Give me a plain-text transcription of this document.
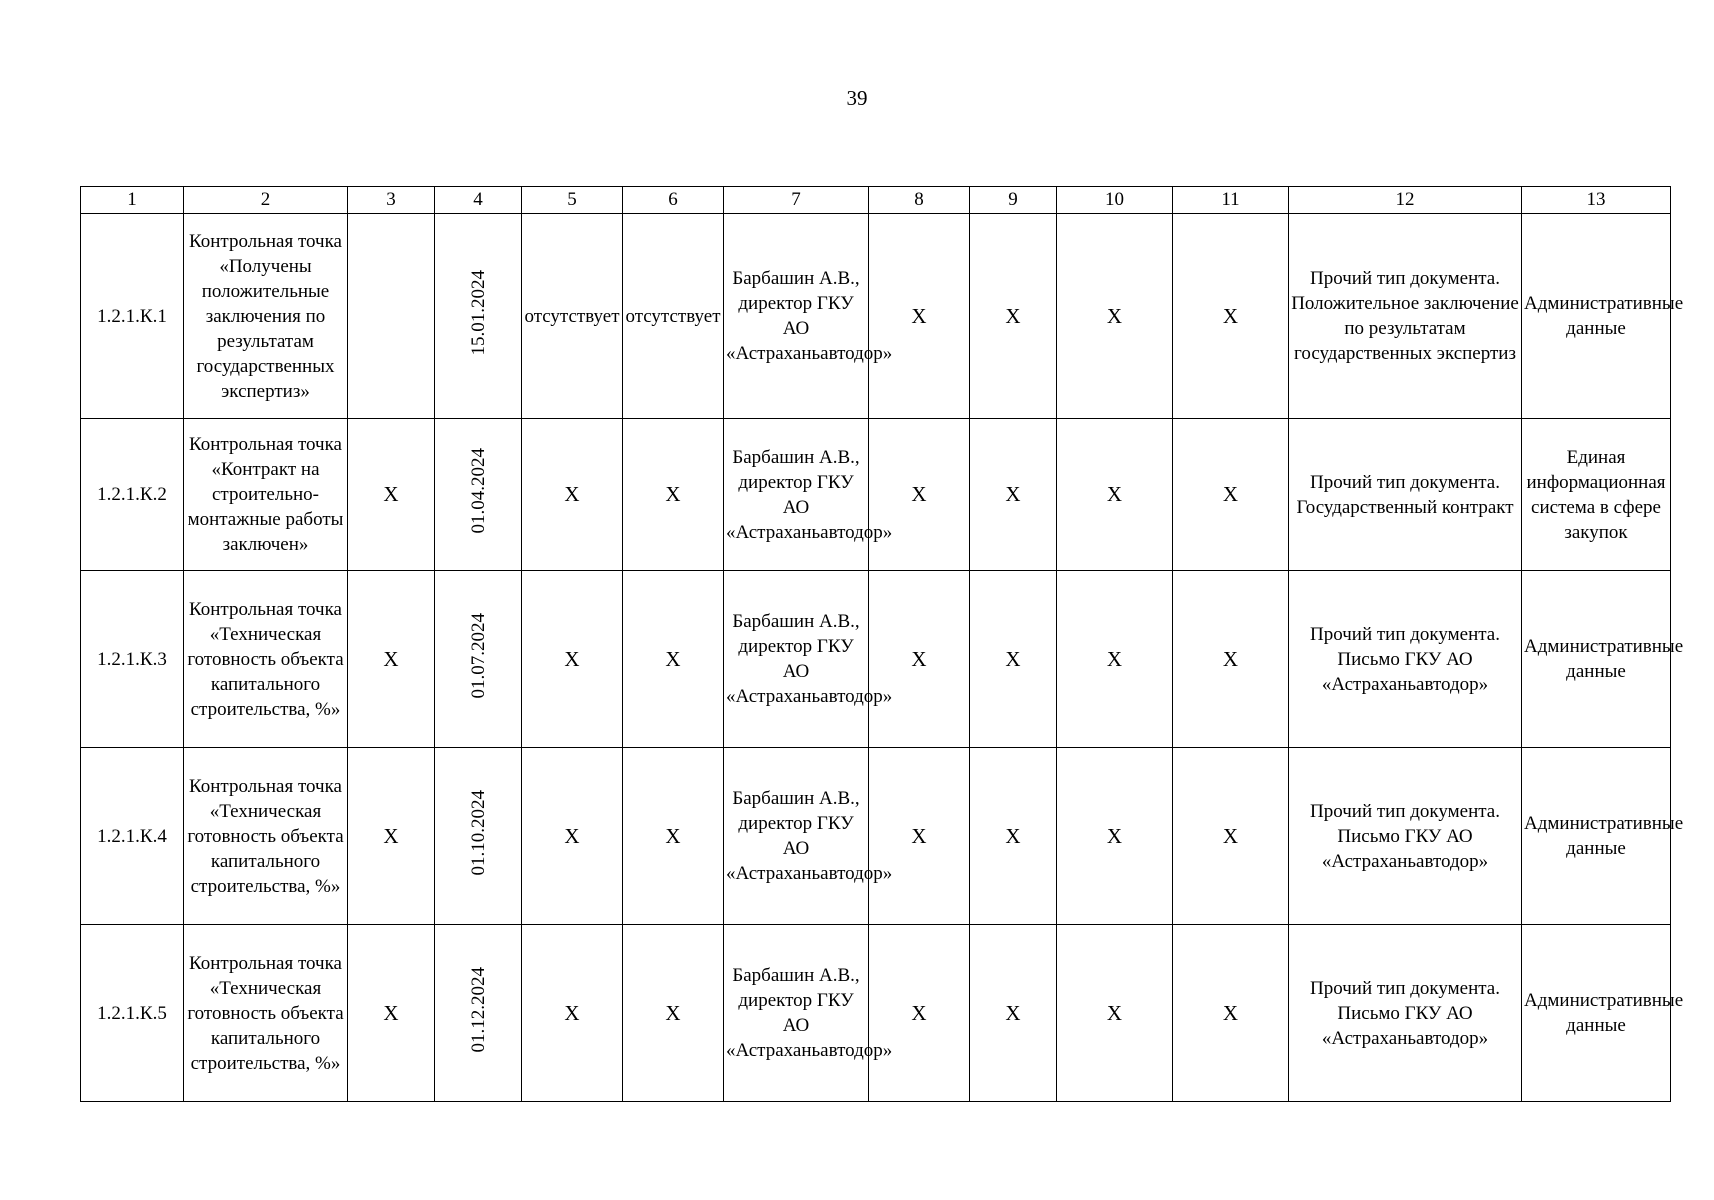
39
1	2	3	4	5	6	7	8	9	10	11	12	13
1.2.1.К.1	Контрольная точка «Получены положительные заключения по результатам государственных экспертиз»		15.01.2024	отсутствует	отсутствует	Барбашин А.В., директор ГКУ АО «Астраханьавтодор»	Х	Х	Х	Х	Прочий тип документа. Положительное заключение по результатам государственных экспертиз	Административные данные
1.2.1.К.2	Контрольная точка «Контракт на строительно-монтажные работы заключен»	Х	01.04.2024	Х	Х	Барбашин А.В., директор ГКУ АО «Астраханьавтодор»	Х	Х	Х	Х	Прочий тип документа. Государственный контракт	Единая информационная система в сфере закупок
1.2.1.К.3	Контрольная точка «Техническая готовность объекта капитального строительства, %»	Х	01.07.2024	Х	Х	Барбашин А.В., директор ГКУ АО «Астраханьавтодор»	Х	Х	Х	Х	Прочий тип документа. Письмо ГКУ АО «Астраханьавтодор»	Административные данные
1.2.1.К.4	Контрольная точка «Техническая готовность объекта капитального строительства, %»	Х	01.10.2024	Х	Х	Барбашин А.В., директор ГКУ АО «Астраханьавтодор»	Х	Х	Х	Х	Прочий тип документа. Письмо ГКУ АО «Астраханьавтодор»	Административные данные
1.2.1.К.5	Контрольная точка «Техническая готовность объекта капитального строительства, %»	Х	01.12.2024	Х	Х	Барбашин А.В., директор ГКУ АО «Астраханьавтодор»	Х	Х	Х	Х	Прочий тип документа. Письмо ГКУ АО «Астраханьавтодор»	Административные данные
